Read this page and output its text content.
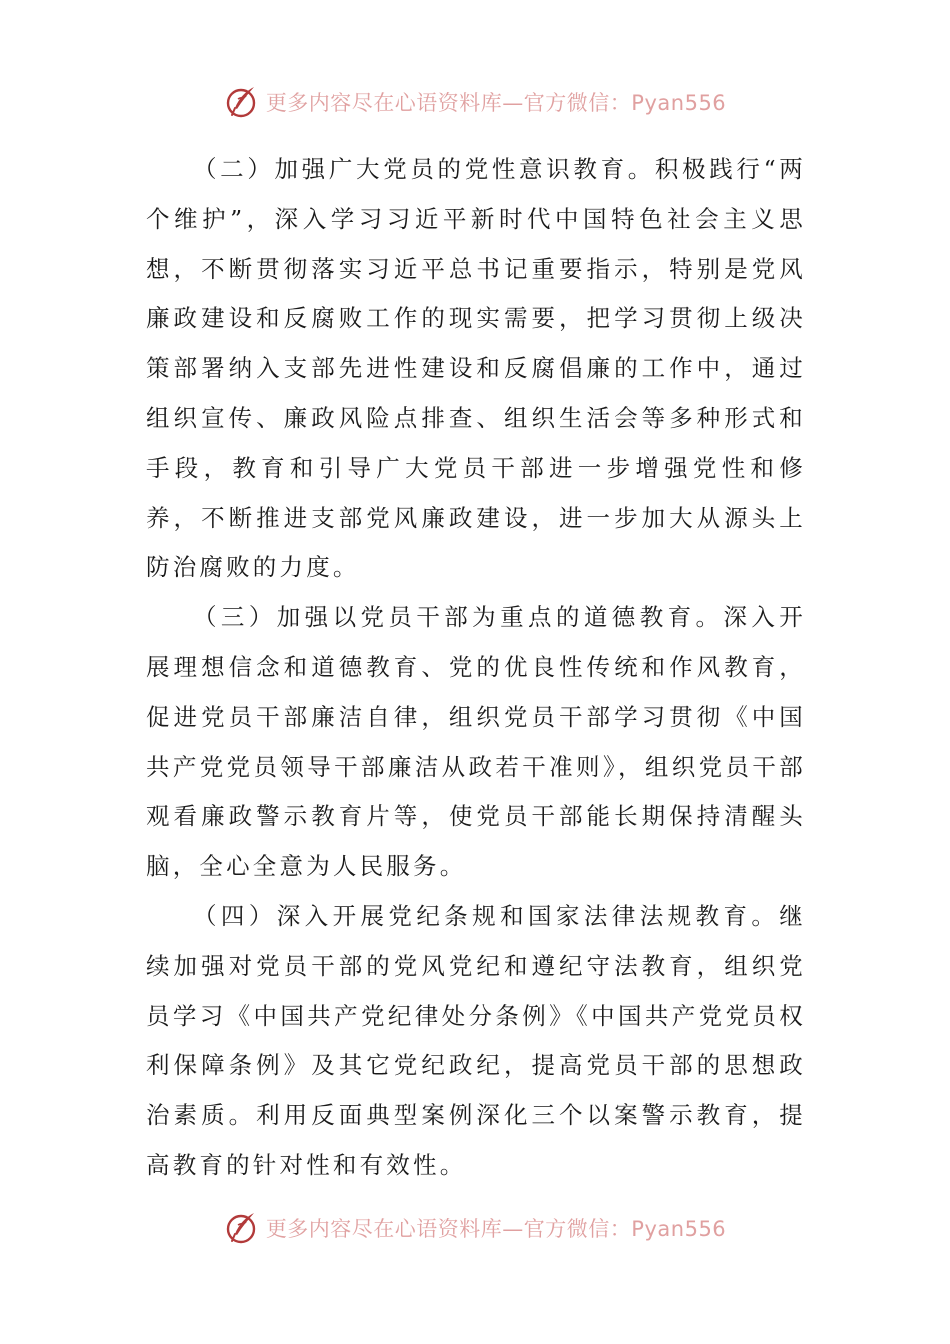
更多内容尽在心语资料库—官方微信：Pyan556

（二）加强广大党员的党性意识教育。积极践行“两个维护”，深入学习习近平新时代中国特色社会主义思想，不断贯彻落实习近平总书记重要指示，特别是党风廉政建设和反腐败工作的现实需要，把学习贯彻上级决策部署纳入支部先进性建设和反腐倡廉的工作中，通过组织宣传、廉政风险点排查、组织生活会等多种形式和手段，教育和引导广大党员干部进一步增强党性和修养，不断推进支部党风廉政建设，进一步加大从源头上防治腐败的力度。

（三）加强以党员干部为重点的道德教育。深入开展理想信念和道德教育、党的优良性传统和作风教育，促进党员干部廉洁自律，组织党员干部学习贯彻《中国共产党党员领导干部廉洁从政若干准则》，组织党员干部观看廉政警示教育片等，使党员干部能长期保持清醒头脑，全心全意为人民服务。

（四）深入开展党纪条规和国家法律法规教育。继续加强对党员干部的党风党纪和遵纪守法教育，组织党员学习《中国共产党纪律处分条例》《中国共产党党员权利保障条例》及其它党纪政纪，提高党员干部的思想政治素质。利用反面典型案例深化三个以案警示教育，提高教育的针对性和有效性。

更多内容尽在心语资料库—官方微信：Pyan556
